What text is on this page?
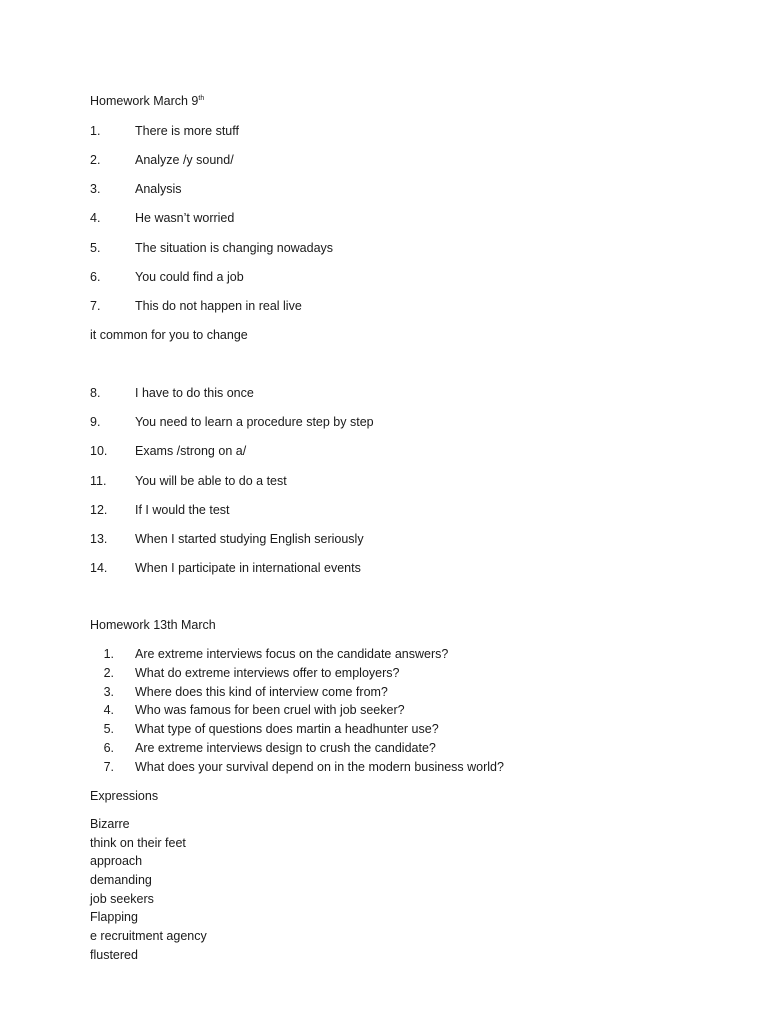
Homework March 9th
1.	There is more stuff
2.	Analyze /y sound/
3.	Analysis
4.	He wasn’t worried
5.	The situation is changing nowadays
6.	You could find a job
7.	This do not happen in real live
it common for you to change
8.	I have to do this once
9.	You need to learn a procedure step by step
10. Exams /strong on a/
11. You will be able to do a test
12. If I would the test
13. When I started studying English seriously
14. When I participate in international events
Homework 13th March
1. Are extreme interviews focus on the candidate answers?
2. What do extreme interviews offer to employers?
3. Where does this kind of interview come from?
4. Who was famous for been cruel with job seeker?
5. What type of questions does martin a headhunter use?
6. Are extreme interviews design to crush the candidate?
7. What does your survival depend on in the modern business world?
Expressions
Bizarre
think on their feet
approach
demanding
job seekers
Flapping
e recruitment agency
flustered
